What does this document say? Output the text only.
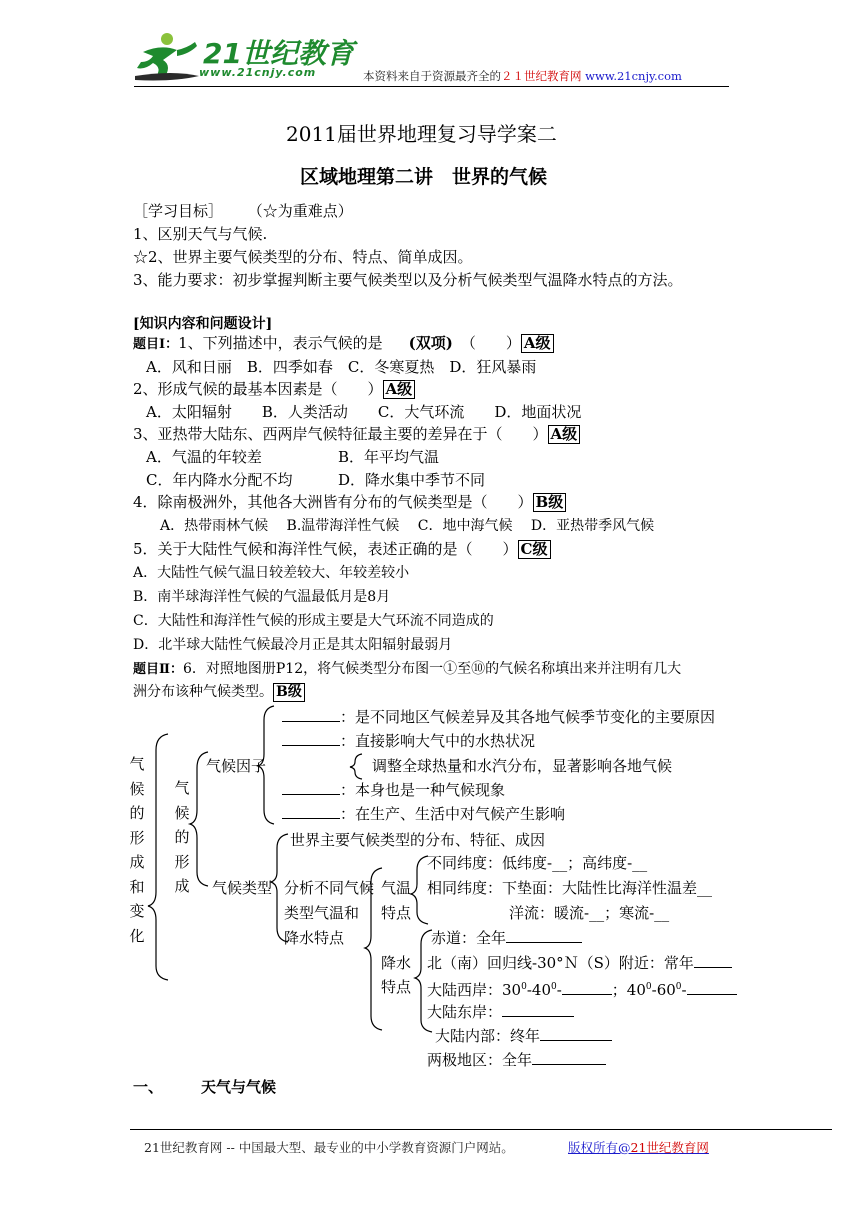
21世纪教育
www.21cnjy.com	本资料来自于资源最齐全的２１世纪教育网 www.21cnjy.com
2011届世界地理复习导学案二
区域地理第二讲　世界的气候
［学习目标］ （☆为重难点）
1、区别天气与气候.
☆2、世界主要气候类型的分布、特点、简单成因。
3、能力要求：初步掌握判断主要气候类型以及分析气候类型气温降水特点的方法。
[知识内容和问题设计]
题目Ⅰ：1、下列描述中，表示气候的是 (双项) （　　） A级
A．风和日丽　B．四季如春　C．冬寒夏热　D．狂风暴雨
2、形成气候的最基本因素是（　　） A级
A．太阳辐射　　B．人类活动　　C．大气环流　　D．地面状况
3、亚热带大陆东、西两岸气候特征最主要的差异在于（　　） A级
A．气温的年较差	B．年平均气温
C．年内降水分配不均	D．降水集中季节不同
4．除南极洲外，其他各大洲皆有分布的气候类型是（　　） B级
A．热带雨林气候　 B.温带海洋性气候　 C．地中海气候　 D．亚热带季风气候
5．关于大陆性气候和海洋性气候，表述正确的是（　　） C级
A．大陆性气候气温日较差较大、年较差较小
B．南半球海洋性气候的气温最低月是8月
C．大陆性和海洋性气候的形成主要是大气环流不同造成的
D．北半球大陆性气候最冷月正是其太阳辐射最弱月
题目Ⅱ：6．对照地图册P12，将气候类型分布图一①至⑩的气候名称填出来并注明有几大
洲分布该种气候类型。 B级
气
候
的
形
成
和
变
化
气
候
的
形
成
气候因子
：是不同地区气候差异及其各地气候季节变化的主要原因
：直接影响大气中的水热状况
调整全球热量和水汽分布，显著影响各地气候
：本身也是一种气候现象
：在生产、生活中对气候产生影响
世界主要气候类型的分布、特征、成因
气候类型 分析不同气候
类型气温和
降水特点
气温
特点
不同纬度：低纬度-__；高纬度-__
相同纬度：下垫面：大陆性比海洋性温差__
洋流：暖流-__；寒流-__
降水
特点
赤道：全年
北（南）回归线-30°Ｎ（S）附近：常年
大陆西岸：$30^0-40^0-$	；$40^0-60^0-$
大陆东岸：
大陆内部：终年
两极地区：全年
一、	天气与气候
21世纪教育网 -- 中国最大型、最专业的中小学教育资源门户网站。	版权所有@21世纪教育网
